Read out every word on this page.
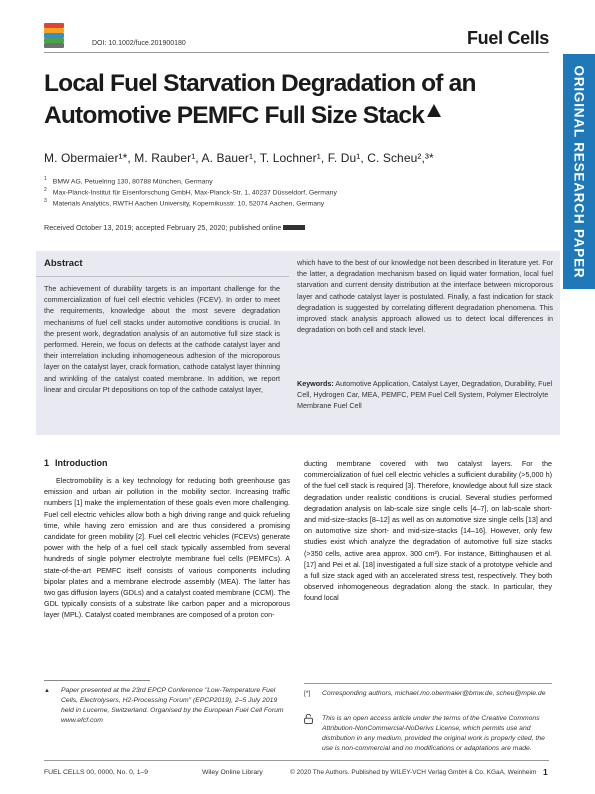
DOI: 10.1002/fuce.201900180	Fuel Cells
ORIGINAL RESEARCH PAPER
Local Fuel Starvation Degradation of an
Automotive PEMFC Full Size Stack
M. Obermaier¹*, M. Rauber¹, A. Bauer¹, T. Lochner¹, F. Du¹, C. Scheu²,³*
$^1$ BMW AG, Petuelring 130, 80788 München, Germany
$^2$ Max-Planck-Institut für Eisenforschung GmbH, Max-Planck-Str. 1, 40237 Düsseldorf, Germany
$^3$ Materials Analytics, RWTH Aachen University, Kopernikusstr. 10, 52074 Aachen, Germany
Received October 13, 2019; accepted February 25, 2020; published online
Abstract
The achievement of durability targets is an important challenge for the commercialization of fuel cell electric vehicles (FCEV). In order to meet the requirements, knowledge about the most severe degradation mechanisms of fuel cell stacks under automotive conditions is crucial. In the present work, degradation analysis of an automotive full size stack is performed. Herein, we focus on defects at the cathode catalyst layer and their interrelation including inhomogeneous adhesion of the microporous layer on the catalyst layer, crack formation, cathode catalyst layer thinning and wrinkling of the catalyst coated membrane. In addition, we report linear and circular Pt depositions on top of the cathode catalyst layer,
which have to the best of our knowledge not been described in literature yet. For the latter, a degradation mechanism based on liquid water formation, local fuel starvation and current density distribution at the interface between microporous layer and cathode catalyst layer is postulated. Finally, a fast indication for stack degradation is suggested by correlating different degradation phenomena. This improved stack analysis approach allowed us to detect local differences in degradation on both cell and stack level.
Keywords: Automotive Application, Catalyst Layer, Degradation, Durability, Fuel Cell, Hydrogen Car, MEA, PEMFC, PEM Fuel Cell System, Polymer Electrolyte Membrane Fuel Cell
1 Introduction
Electromobility is a key technology for reducing both greenhouse gas emission and urban air pollution in the mobility sector. Increasing traffic numbers [1] make the implementation of these goals even more challenging. Fuel cell electric vehicles allow both a high driving range and quick refueling time, while having zero emission and are thus considered a promising candidate for green mobility [2]. Fuel cell electric vehicles (FCEVs) generate power with the help of a fuel cell stack typically assembled from several hundreds of single polymer electrolyte membrane fuel cells (PEMFCs). A state-of-the-art PEMFC itself consists of various components including bipolar plates and a membrane electrode assembly (MEA). The latter has two gas diffusion layers (GDLs) and a catalyst coated membrane (CCM). The GDL typically consists of a substrate like carbon paper and a microporous layer (MPL). Catalyst coated membranes are composed of a proton con-
ducting membrane covered with two catalyst layers. For the commercialization of fuel cell electric vehicles a sufficient durability (>5,000 h) of the fuel cell stack is required [3]. Therefore, knowledge about full size stack degradation under realistic conditions is crucial. Several studies performed degradation analysis on lab-scale size single cells [4–7], on lab-scale short- and mid-size-stacks [8–12] as well as on automotive size single cells [13] and on automotive size short- and mid-size-stacks [14–16]. However, only few studies exist which analyze the degradation of automotive full size stacks (>350 cells, active area approx. 300 cm²). For instance, Bittinghausen et al. [17] and Pei et al. [18] investigated a full size stack of a prototype vehicle and a full size stack aged with an accelerated stress test, respectively. They both observed inhomogeneous degradation along the stack. In particular, they found local
▲	Paper presented at the 23rd EPCP Conference "Low-Temperature Fuel Cells, Electrolysers, H2-Processing Forum" (EPCP2019), 2–5 July 2019 held in Lucerne, Switzerland. Organised by the European Fuel Cell Forum www.efcf.com
[*]	Corresponding authors, michael.mo.obermaier@bmw.de, scheu@mpie.de
This is an open access article under the terms of the Creative Commons Attribution-NonCommercial-NoDerivs License, which permits use and distribution in any medium, provided the original work is properly cited, the use is non-commercial and no modifications or adaptations are made.
FUEL CELLS 00, 0000, No. 0, 1–9	Wiley Online Library	© 2020 The Authors. Published by WILEY-VCH Verlag GmbH & Co. KGaA, Weinheim 1
